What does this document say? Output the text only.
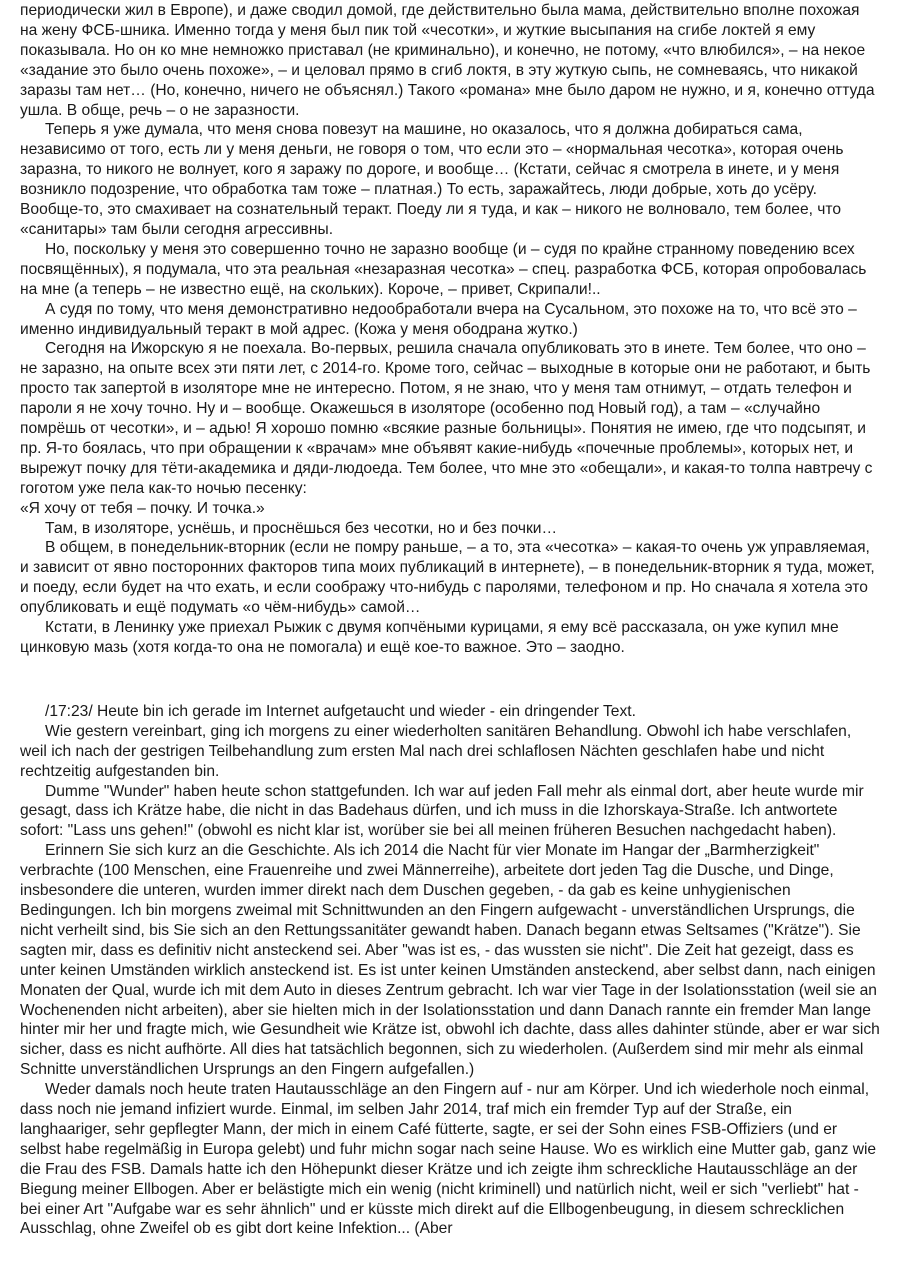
периодически жил в Европе), и даже сводил домой, где действительно была мама, действительно вполне похожая на жену ФСБ-шника. Именно тогда у меня был пик той «чесотки», и жуткие высыпания на сгибе локтей я ему показывала. Но он ко мне немножко приставал (не криминально), и конечно, не потому, «что влюбился», – на некое «задание это было очень похоже», – и целовал прямо в сгиб локтя, в эту жуткую сыпь, не сомневаясь, что никакой заразы там нет… (Но, конечно, ничего не объяснял.) Такого «романа» мне было даром не нужно, и я, конечно оттуда ушла. В обще, речь – о не заразности.

Теперь я уже думала, что меня снова повезут на машине, но оказалось, что я должна добираться сама, независимо от того, есть ли у меня деньги, не говоря о том, что если это – «нормальная чесотка», которая очень заразна, то никого не волнует, кого я заражу по дороге, и вообще… (Кстати, сейчас я смотрела в инете, и у меня возникло подозрение, что обработка там тоже – платная.) То есть, заражайтесь, люди добрые, хоть до усёру. Вообще-то, это смахивает на сознательный теракт. Поеду ли я туда, и как – никого не волновало, тем более, что «санитары» там были сегодня агрессивны.

Но, поскольку у меня это совершенно точно не заразно вообще (и – судя по крайне странному поведению всех посвящённых), я подумала, что эта реальная «незаразная чесотка» – спец. разработка ФСБ, которая опробовалась на мне (а теперь – не известно ещё, на скольких). Короче, – привет, Скрипали!..

А судя по тому, что меня демонстративно недообработали вчера на Сусальном, это похоже на то, что всё это – именно индивидуальный теракт в мой адрес. (Кожа у меня ободрана жутко.)

Сегодня на Ижорскую я не поехала. Во-первых, решила сначала опубликовать это в инете. Тем более, что оно – не заразно, на опыте всех эти пяти лет, с 2014-го. Кроме того, сейчас – выходные в которые они не работают, и быть просто так запертой в изоляторе мне не интересно. Потом, я не знаю, что у меня там отнимут, – отдать телефон и пароли я не хочу точно. Ну и – вообще. Окажешься в изоляторе (особенно под Новый год), а там – «случайно помрёшь от чесотки», и – адью! Я хорошо помню «всякие разные больницы». Понятия не имею, где что подсыпят, и пр. Я-то боялась, что при обращении к «врачам» мне объявят какие-нибудь «почечные проблемы», которых нет, и вырежут почку для тёти-академика и дяди-людоеда. Тем более, что мне это «обещали», и какая-то толпа навтречу с гоготом уже пела как-то ночью песенку:

«Я хочу от тебя – почку. И точка.»

Там, в изоляторе, уснёшь, и проснёшься без чесотки, но и без почки…

В общем, в понедельник-вторник (если не помру раньше, – а то, эта «чесотка» – какая-то очень уж управляемая, и зависит от явно посторонних факторов типа моих публикаций в интернете), – в понедельник-вторник я туда, может, и поеду, если будет на что ехать, и если соображу что-нибудь с паролями, телефоном и пр. Но сначала я хотела это опубликовать и ещё подумать «о чём-нибудь» самой…

Кстати, в Ленинку уже приехал Рыжик с двумя копчёными курицами, я ему всё рассказала, он уже купил мне цинковую мазь (хотя когда-то она не помогала) и ещё кое-то важное. Это – заодно.

/17:23/ Heute bin ich gerade im Internet aufgetaucht und wieder - ein dringender Text.

Wie gestern vereinbart, ging ich morgens zu einer wiederholten sanitären Behandlung. Obwohl ich habe verschlafen, weil ich nach der gestrigen Teilbehandlung zum ersten Mal nach drei schlaflosen Nächten geschlafen habe und nicht rechtzeitig aufgestanden bin.

Dumme "Wunder" haben heute schon stattgefunden. Ich war auf jeden Fall mehr als einmal dort, aber heute wurde mir gesagt, dass ich Krätze habe, die nicht in das Badehaus dürfen, und ich muss in die Izhorskaya-Straße. Ich antwortete sofort: "Lass uns gehen!" (obwohl es nicht klar ist, worüber sie bei all meinen früheren Besuchen nachgedacht haben).

Erinnern Sie sich kurz an die Geschichte. Als ich 2014 die Nacht für vier Monate im Hangar der „Barmherzigkeit" verbrachte (100 Menschen, eine Frauenreihe und zwei Männerreihe), arbeitete dort jeden Tag die Dusche, und Dinge, insbesondere die unteren, wurden immer direkt nach dem Duschen gegeben, - da gab es keine unhygienischen Bedingungen. Ich bin morgens zweimal mit Schnittwunden an den Fingern aufgewacht - unverständlichen Ursprungs, die nicht verheilt sind, bis Sie sich an den Rettungssanitäter gewandt haben. Danach begann etwas Seltsames ("Krätze"). Sie sagten mir, dass es definitiv nicht ansteckend sei. Aber "was ist es, - das wussten sie nicht". Die Zeit hat gezeigt, dass es unter keinen Umständen wirklich ansteckend ist. Es ist unter keinen Umständen ansteckend, aber selbst dann, nach einigen Monaten der Qual, wurde ich mit dem Auto in dieses Zentrum gebracht. Ich war vier Tage in der Isolationsstation (weil sie an Wochenenden nicht arbeiten), aber sie hielten mich in der Isolationsstation und dann Danach rannte ein fremder Man lange hinter mir her und fragte mich, wie Gesundheit wie Krätze ist, obwohl ich dachte, dass alles dahinter stünde, aber er war sich sicher, dass es nicht aufhörte. All dies hat tatsächlich begonnen, sich zu wiederholen. (Außerdem sind mir mehr als einmal Schnitte unverständlichen Ursprungs an den Fingern aufgefallen.)

Weder damals noch heute traten Hautausschläge an den Fingern auf - nur am Körper. Und ich wiederhole noch einmal, dass noch nie jemand infiziert wurde. Einmal, im selben Jahr 2014, traf mich ein fremder Typ auf der Straße, ein langhaariger, sehr gepflegter Mann, der mich in einem Café fütterte, sagte, er sei der Sohn eines FSB-Offiziers (und er selbst habe regelmäßig in Europa gelebt) und fuhr michn sogar nach seine Hause. Wo es wirklich eine Mutter gab, ganz wie die Frau des FSB. Damals hatte ich den Höhepunkt dieser Krätze und ich zeigte ihm schreckliche Hautausschläge an der Biegung meiner Ellbogen. Aber er belästigte mich ein wenig (nicht kriminell) und natürlich nicht, weil er sich "verliebt" hat - bei einer Art "Aufgabe war es sehr ähnlich" und er küsste mich direkt auf die Ellbogenbeugung, in diesem schrecklichen Ausschlag, ohne Zweifel ob es gibt dort keine Infektion... (Aber
